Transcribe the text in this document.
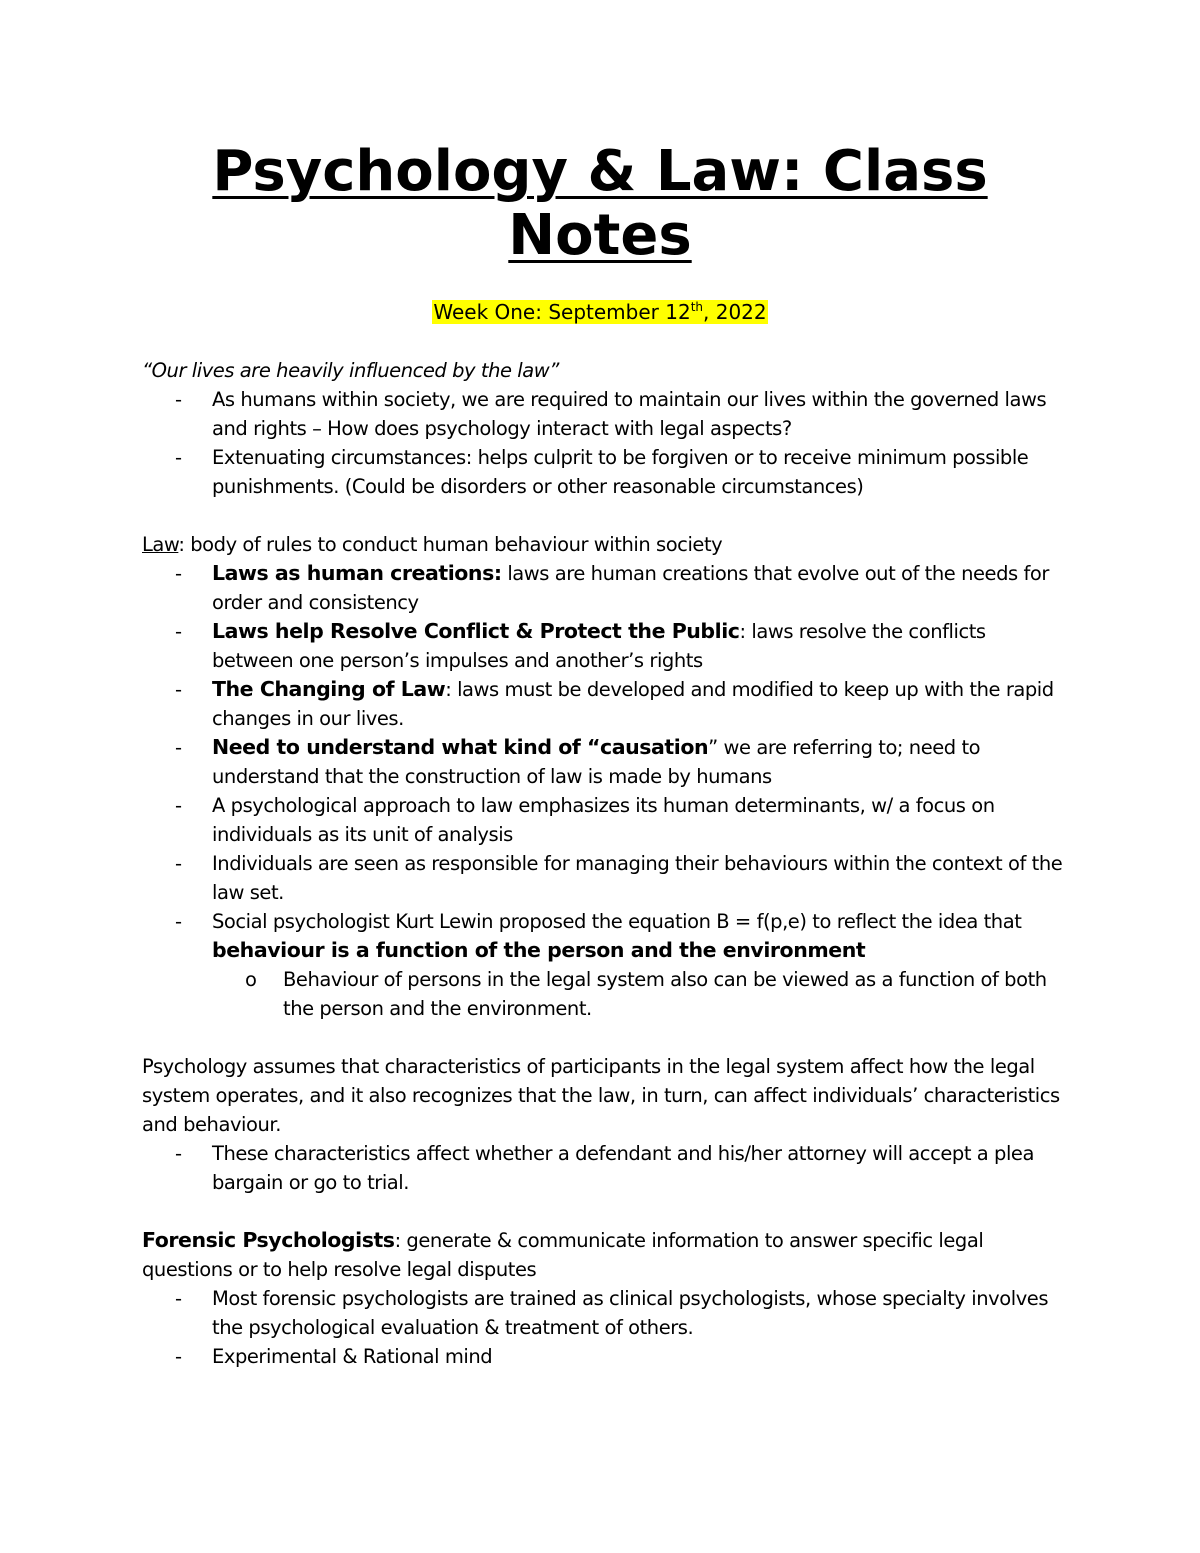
Psychology & Law: Class
Notes
Week One: September 12th, 2022

“Our lives are heavily influenced by the law”

- As humans within society, we are required to maintain our lives within the governed laws and rights – How does psychology interact with legal aspects?
- Extenuating circumstances: helps culprit to be forgiven or to receive minimum possible punishments. (Could be disorders or other reasonable circumstances)

Law: body of rules to conduct human behaviour within society

- Laws as human creations: laws are human creations that evolve out of the needs for order and consistency
- Laws help Resolve Conflict & Protect the Public: laws resolve the conflicts between one person’s impulses and another’s rights
- The Changing of Law: laws must be developed and modified to keep up with the rapid changes in our lives.
- Need to understand what kind of “causation” we are referring to; need to understand that the construction of law is made by humans
- A psychological approach to law emphasizes its human determinants, w/ a focus on individuals as its unit of analysis
- Individuals are seen as responsible for managing their behaviours within the context of the law set.
- Social psychologist Kurt Lewin proposed the equation B = f(p,e) to reflect the idea that behaviour is a function of the person and the environment
o Behaviour of persons in the legal system also can be viewed as a function of both the person and the environment.

Psychology assumes that characteristics of participants in the legal system affect how the legal system operates, and it also recognizes that the law, in turn, can affect individuals’ characteristics and behaviour.

- These characteristics affect whether a defendant and his/her attorney will accept a plea bargain or go to trial.

Forensic Psychologists: generate & communicate information to answer specific legal questions or to help resolve legal disputes

- Most forensic psychologists are trained as clinical psychologists, whose specialty involves the psychological evaluation & treatment of others.
- Experimental & Rational mind
